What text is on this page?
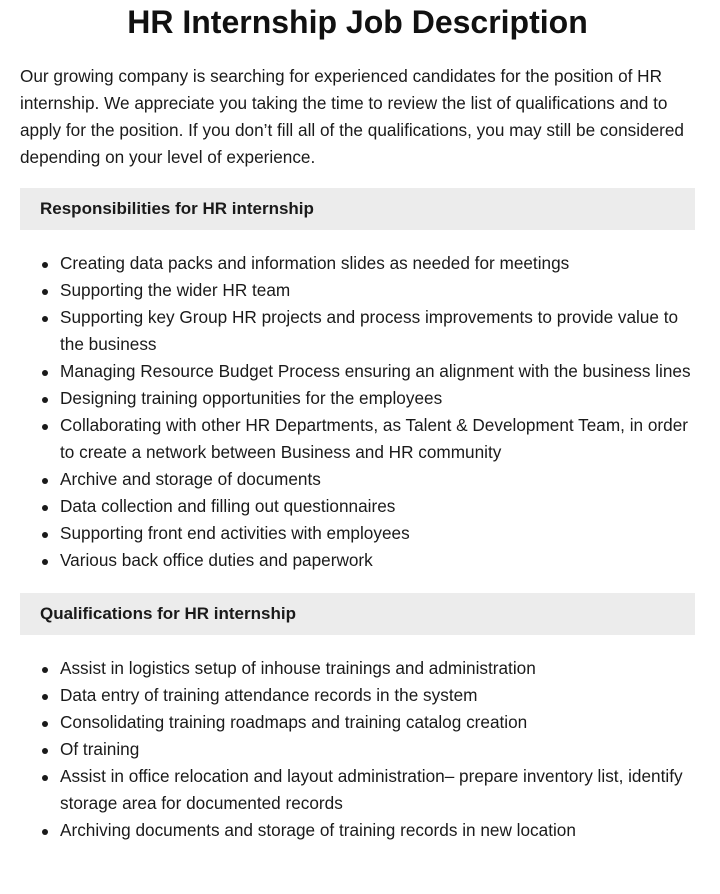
HR Internship Job Description

Our growing company is searching for experienced candidates for the position of HR internship. We appreciate you taking the time to review the list of qualifications and to apply for the position. If you don’t fill all of the qualifications, you may still be considered depending on your level of experience.

Responsibilities for HR internship
Creating data packs and information slides as needed for meetings
Supporting the wider HR team
Supporting key Group HR projects and process improvements to provide value to the business
Managing Resource Budget Process ensuring an alignment with the business lines
Designing training opportunities for the employees
Collaborating with other HR Departments, as Talent & Development Team, in order to create a network between Business and HR community
Archive and storage of documents
Data collection and filling out questionnaires
Supporting front end activities with employees
Various back office duties and paperwork
Qualifications for HR internship
Assist in logistics setup of inhouse trainings and administration
Data entry of training attendance records in the system
Consolidating training roadmaps and training catalog creation
Of training
Assist in office relocation and layout administration– prepare inventory list, identify storage area for documented records
Archiving documents and storage of training records in new location
